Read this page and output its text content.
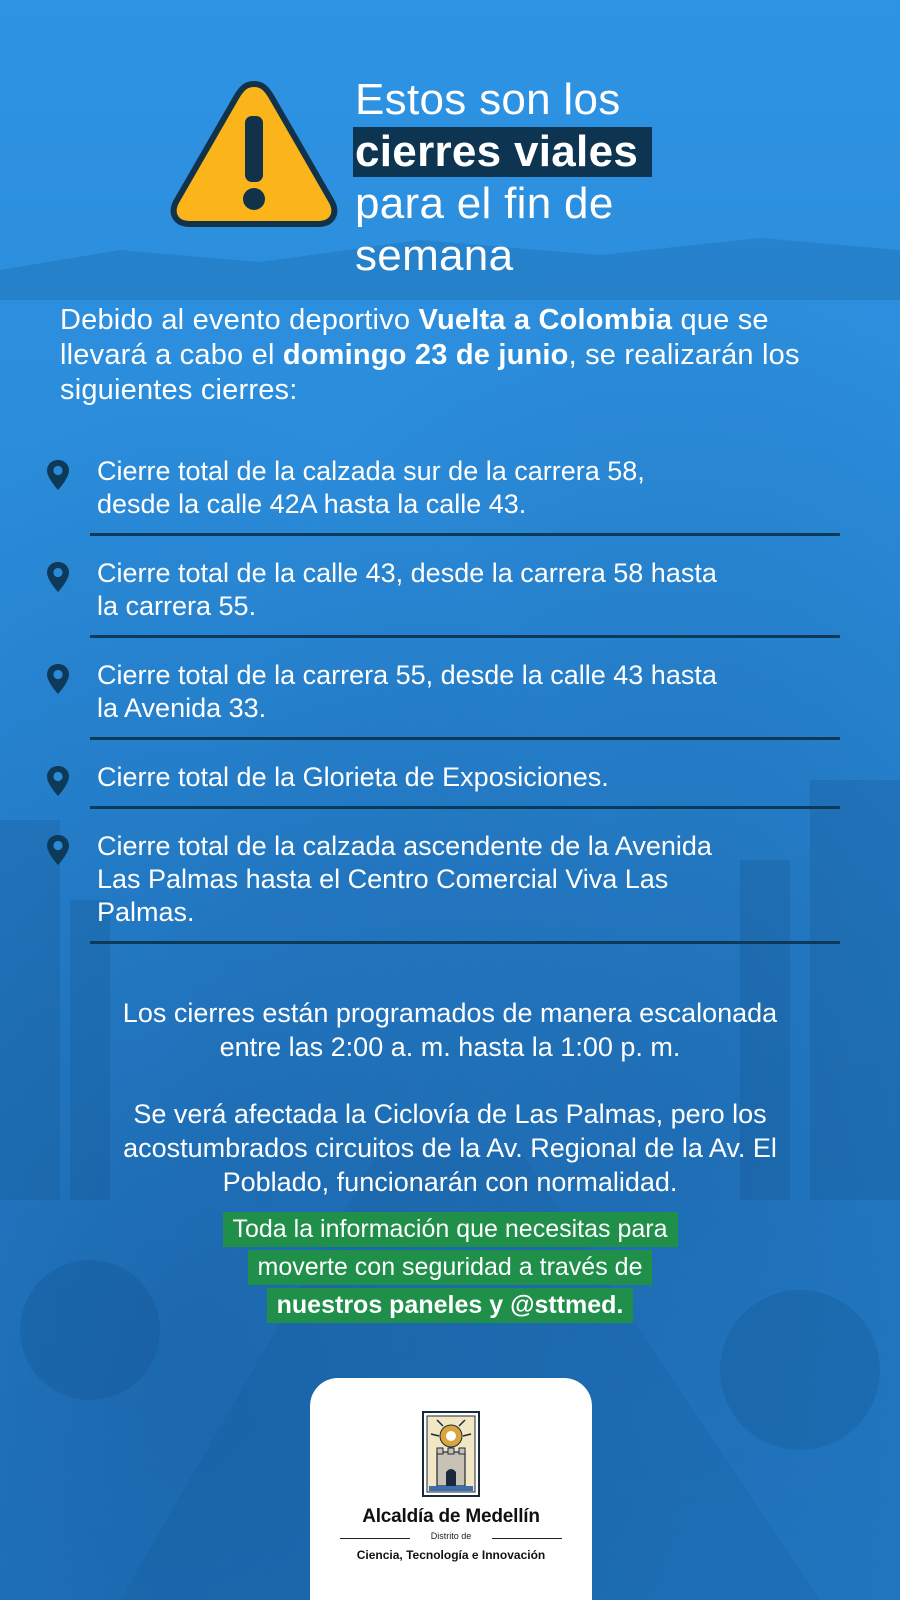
Estos son los
cierres viales
para el fin de
semana

Debido al evento deportivo Vuelta a Colombia que se llevará a cabo el domingo 23 de junio, se realizarán los siguientes cierres:

Cierre total de la calzada sur de la carrera 58,
desde la calle 42A hasta la calle 43.
Cierre total de la calle 43, desde la carrera 58 hasta
la carrera 55.
Cierre total de la carrera 55, desde la calle 43 hasta
la Avenida 33.
Cierre total de la Glorieta de Exposiciones.
Cierre total de la calzada ascendente de la Avenida
Las Palmas hasta el Centro Comercial Viva Las
Palmas.
Los cierres están programados de manera escalonada
entre las 2:00 a. m. hasta la 1:00 p. m.
Se verá afectada la Ciclovía de Las Palmas, pero los
acostumbrados circuitos de la Av. Regional de la Av. El
Poblado, funcionarán con normalidad.
Toda la información que necesitas para
moverte con seguridad a través de
nuestros paneles y @sttmed.
Alcaldía de Medellín
Distrito de
Ciencia, Tecnología e Innovación
